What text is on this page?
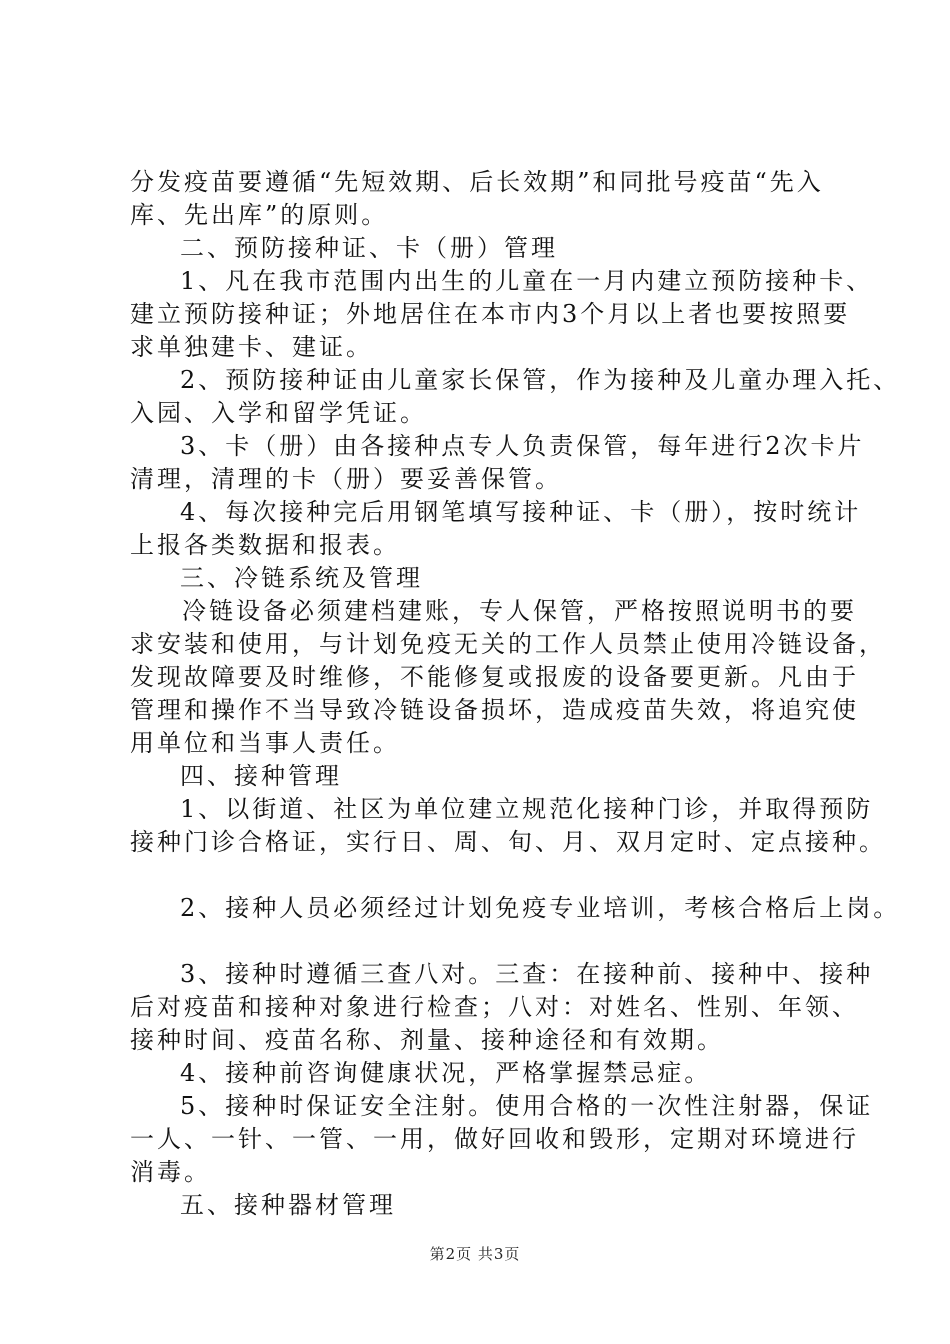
分发疫苗要遵循“先短效期、后长效期”和同批号疫苗“先入
库、先出库”的原则。
二、预防接种证、卡（册）管理
1、凡在我市范围内出生的儿童在一月内建立预防接种卡、
建立预防接种证；外地居住在本市内3个月以上者也要按照要
求单独建卡、建证。
2、预防接种证由儿童家长保管，作为接种及儿童办理入托、
入园、入学和留学凭证。
3、卡（册）由各接种点专人负责保管，每年进行2次卡片
清理，清理的卡（册）要妥善保管。
4、每次接种完后用钢笔填写接种证、卡（册），按时统计
上报各类数据和报表。
三、冷链系统及管理
冷链设备必须建档建账，专人保管，严格按照说明书的要
求安装和使用，与计划免疫无关的工作人员禁止使用冷链设备，
发现故障要及时维修，不能修复或报废的设备要更新。凡由于
管理和操作不当导致冷链设备损坏，造成疫苗失效，将追究使
用单位和当事人责任。
四、接种管理
1、以街道、社区为单位建立规范化接种门诊，并取得预防
接种门诊合格证，实行日、周、旬、月、双月定时、定点接种。
2、接种人员必须经过计划免疫专业培训，考核合格后上岗。
3、接种时遵循三查八对。三查：在接种前、接种中、接种
后对疫苗和接种对象进行检查；八对：对姓名、性别、年领、
接种时间、疫苗名称、剂量、接种途径和有效期。
4、接种前咨询健康状况，严格掌握禁忌症。
5、接种时保证安全注射。使用合格的一次性注射器，保证
一人、一针、一管、一用，做好回收和毁形，定期对环境进行
消毒。
五、接种器材管理
第2页 共3页
